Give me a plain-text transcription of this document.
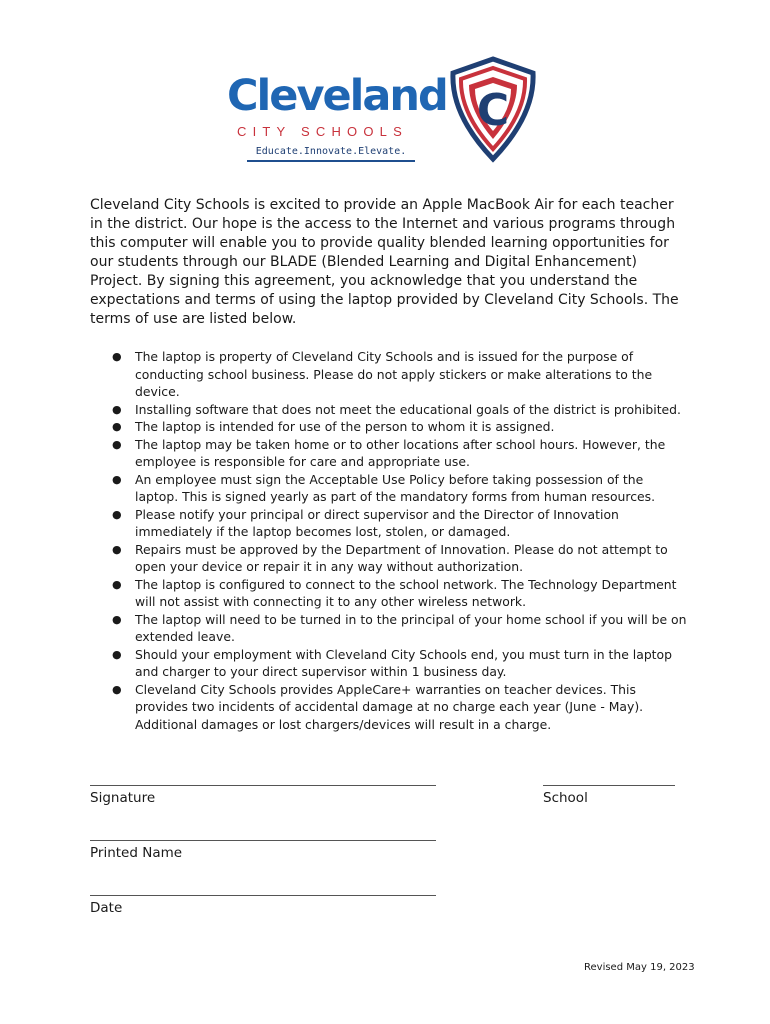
Cleveland
CITY SCHOOLS
Educate.Innovate.Elevate.
C

Cleveland City Schools is excited to provide an Apple MacBook Air for each teacher in the district. Our hope is the access to the Internet and various programs through this computer will enable you to provide quality blended learning opportunities for our students through our BLADE (Blended Learning and Digital Enhancement) Project. By signing this agreement, you acknowledge that you understand the expectations and terms of using the laptop provided by Cleveland City Schools. The terms of use are listed below.

● The laptop is property of Cleveland City Schools and is issued for the purpose of conducting school business. Please do not apply stickers or make alterations to the device.
● Installing software that does not meet the educational goals of the district is prohibited.
● The laptop is intended for use of the person to whom it is assigned.
● The laptop may be taken home or to other locations after school hours. However, the employee is responsible for care and appropriate use.
● An employee must sign the Acceptable Use Policy before taking possession of the laptop. This is signed yearly as part of the mandatory forms from human resources.
● Please notify your principal or direct supervisor and the Director of Innovation immediately if the laptop becomes lost, stolen, or damaged.
● Repairs must be approved by the Department of Innovation. Please do not attempt to open your device or repair it in any way without authorization.
● The laptop is configured to connect to the school network. The Technology Department will not assist with connecting it to any other wireless network.
● The laptop will need to be turned in to the principal of your home school if you will be on extended leave.
● Should your employment with Cleveland City Schools end, you must turn in the laptop and charger to your direct supervisor within 1 business day.
● Cleveland City Schools provides AppleCare+ warranties on teacher devices. This provides two incidents of accidental damage at no charge each year (June - May). Additional damages or lost chargers/devices will result in a charge.
Signature	School
Printed Name
Date
Revised May 19, 2023
